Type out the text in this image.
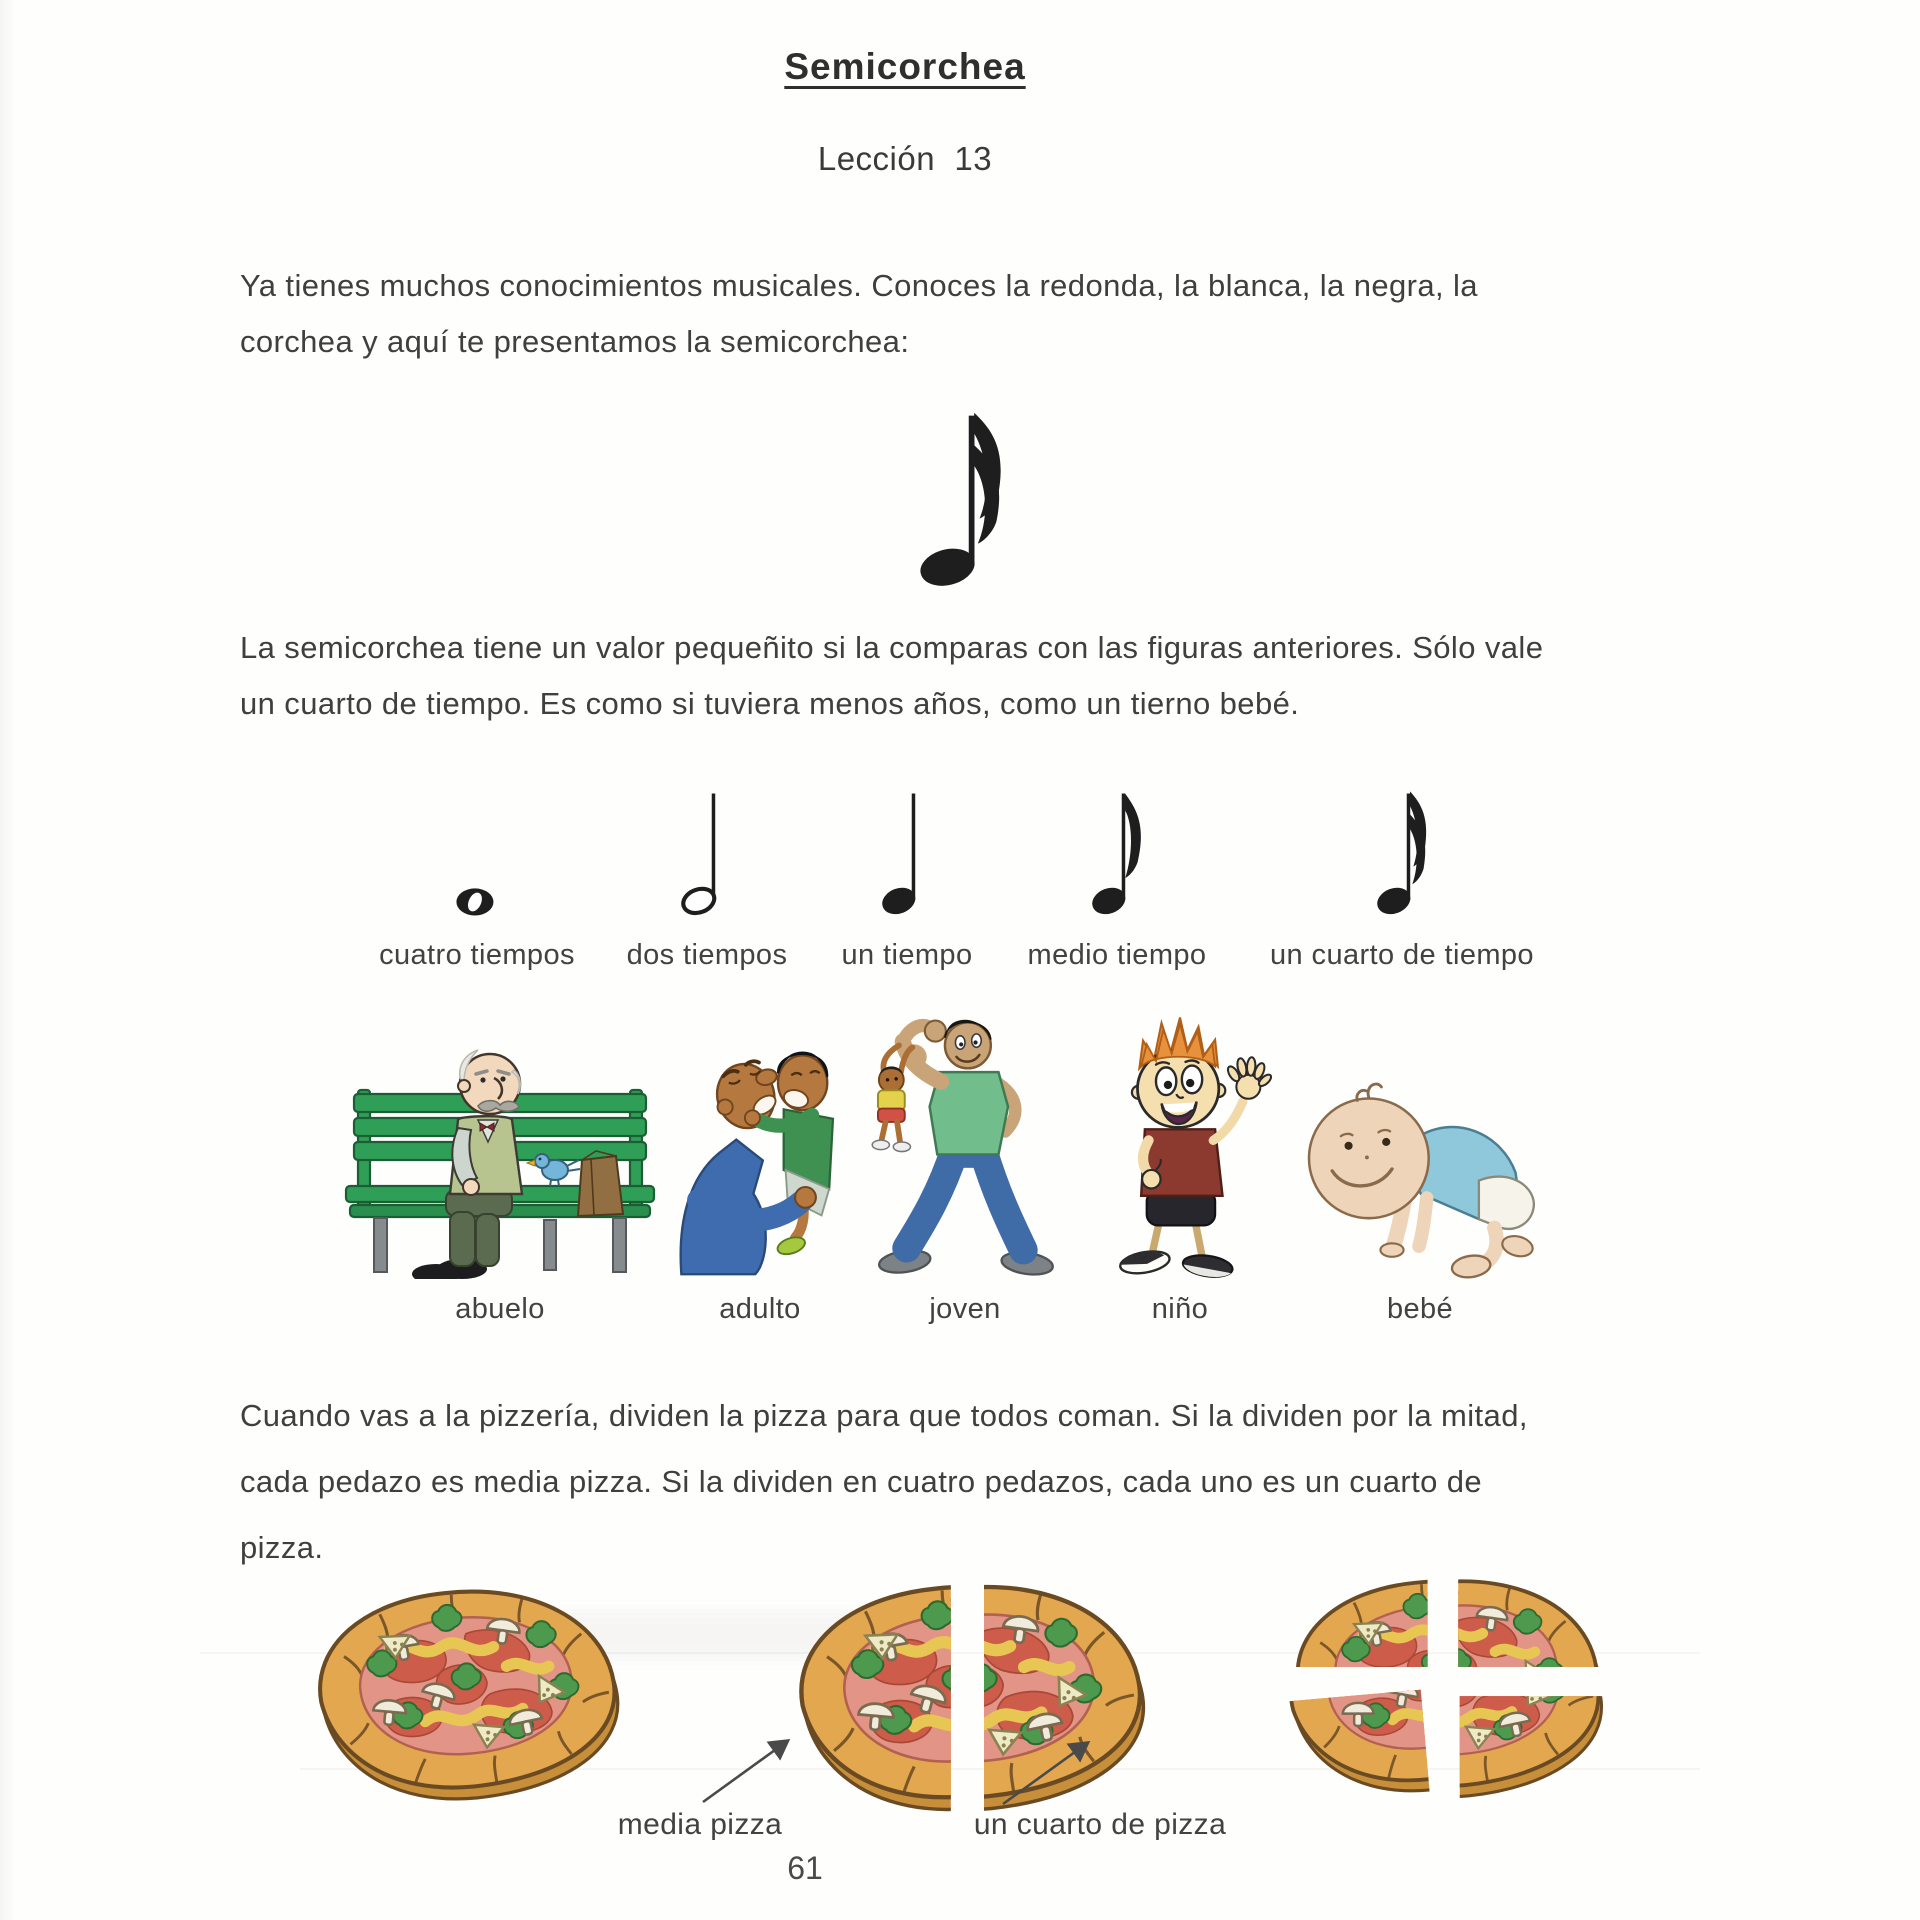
Semicorchea
Lección  13
Ya tienes muchos conocimientos musicales. Conoces la redonda, la blanca, la negra, la
corchea y aquí te presentamos la semicorchea:
La semicorchea tiene un valor pequeñito si la comparas con las figuras anteriores. Sólo vale
un cuarto de tiempo. Es como si tuviera menos años, como un tierno bebé.
cuatro tiempos dos tiempos un tiempo medio tiempo un cuarto de tiempo
abuelo	adulto	joven	niño	bebé
Cuando vas a la pizzería, dividen la pizza para que todos coman. Si la dividen por la mitad,
cada pedazo es media pizza. Si la dividen en cuatro pedazos, cada uno es un cuarto de
pizza.
media pizza	un cuarto de pizza
61
